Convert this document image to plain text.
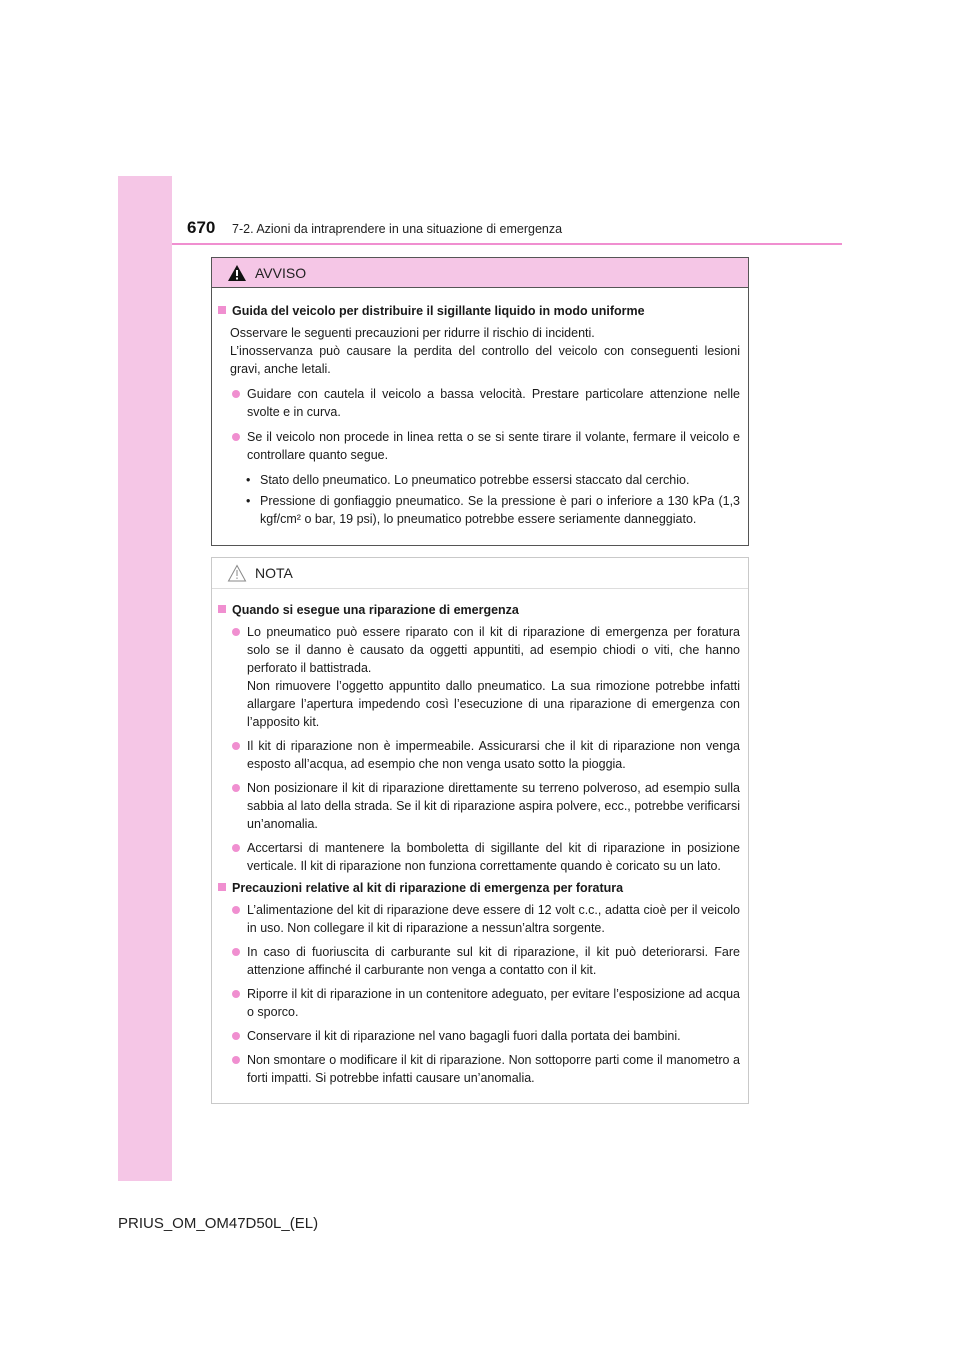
670 7-2. Azioni da intraprendere in una situazione di emergenza
AVVISO
Guida del veicolo per distribuire il sigillante liquido in modo uniforme
Osservare le seguenti precauzioni per ridurre il rischio di incidenti.
L’inosservanza può causare la perdita del controllo del veicolo con conseguenti lesioni gravi, anche letali.
Guidare con cautela il veicolo a bassa velocità. Prestare particolare attenzione nelle svolte e in curva.
Se il veicolo non procede in linea retta o se si sente tirare il volante, fermare il veicolo e controllare quanto segue.
• Stato dello pneumatico. Lo pneumatico potrebbe essersi staccato dal cerchio.
• Pressione di gonfiaggio pneumatico. Se la pressione è pari o inferiore a 130 kPa (1,3 kgf/cm² o bar, 19 psi), lo pneumatico potrebbe essere seriamente danneggiato.
NOTA
Quando si esegue una riparazione di emergenza
Lo pneumatico può essere riparato con il kit di riparazione di emergenza per foratura solo se il danno è causato da oggetti appuntiti, ad esempio chiodi o viti, che hanno perforato il battistrada.
Non rimuovere l’oggetto appuntito dallo pneumatico. La sua rimozione potrebbe infatti allargare l’apertura impedendo così l’esecuzione di una riparazione di emergenza con l’apposito kit.
Il kit di riparazione non è impermeabile. Assicurarsi che il kit di riparazione non venga esposto all’acqua, ad esempio che non venga usato sotto la pioggia.
Non posizionare il kit di riparazione direttamente su terreno polveroso, ad esempio sulla sabbia al lato della strada. Se il kit di riparazione aspira polvere, ecc., potrebbe verificarsi un’anomalia.
Accertarsi di mantenere la bomboletta di sigillante del kit di riparazione in posizione verticale. Il kit di riparazione non funziona correttamente quando è coricato su un lato.
Precauzioni relative al kit di riparazione di emergenza per foratura
L’alimentazione del kit di riparazione deve essere di 12 volt c.c., adatta cioè per il veicolo in uso. Non collegare il kit di riparazione a nessun’altra sorgente.
In caso di fuoriuscita di carburante sul kit di riparazione, il kit può deteriorarsi. Fare attenzione affinché il carburante non venga a contatto con il kit.
Riporre il kit di riparazione in un contenitore adeguato, per evitare l’esposizione ad acqua o sporco.
Conservare il kit di riparazione nel vano bagagli fuori dalla portata dei bambini.
Non smontare o modificare il kit di riparazione. Non sottoporre parti come il manometro a forti impatti. Si potrebbe infatti causare un’anomalia.
PRIUS_OM_OM47D50L_(EL)
